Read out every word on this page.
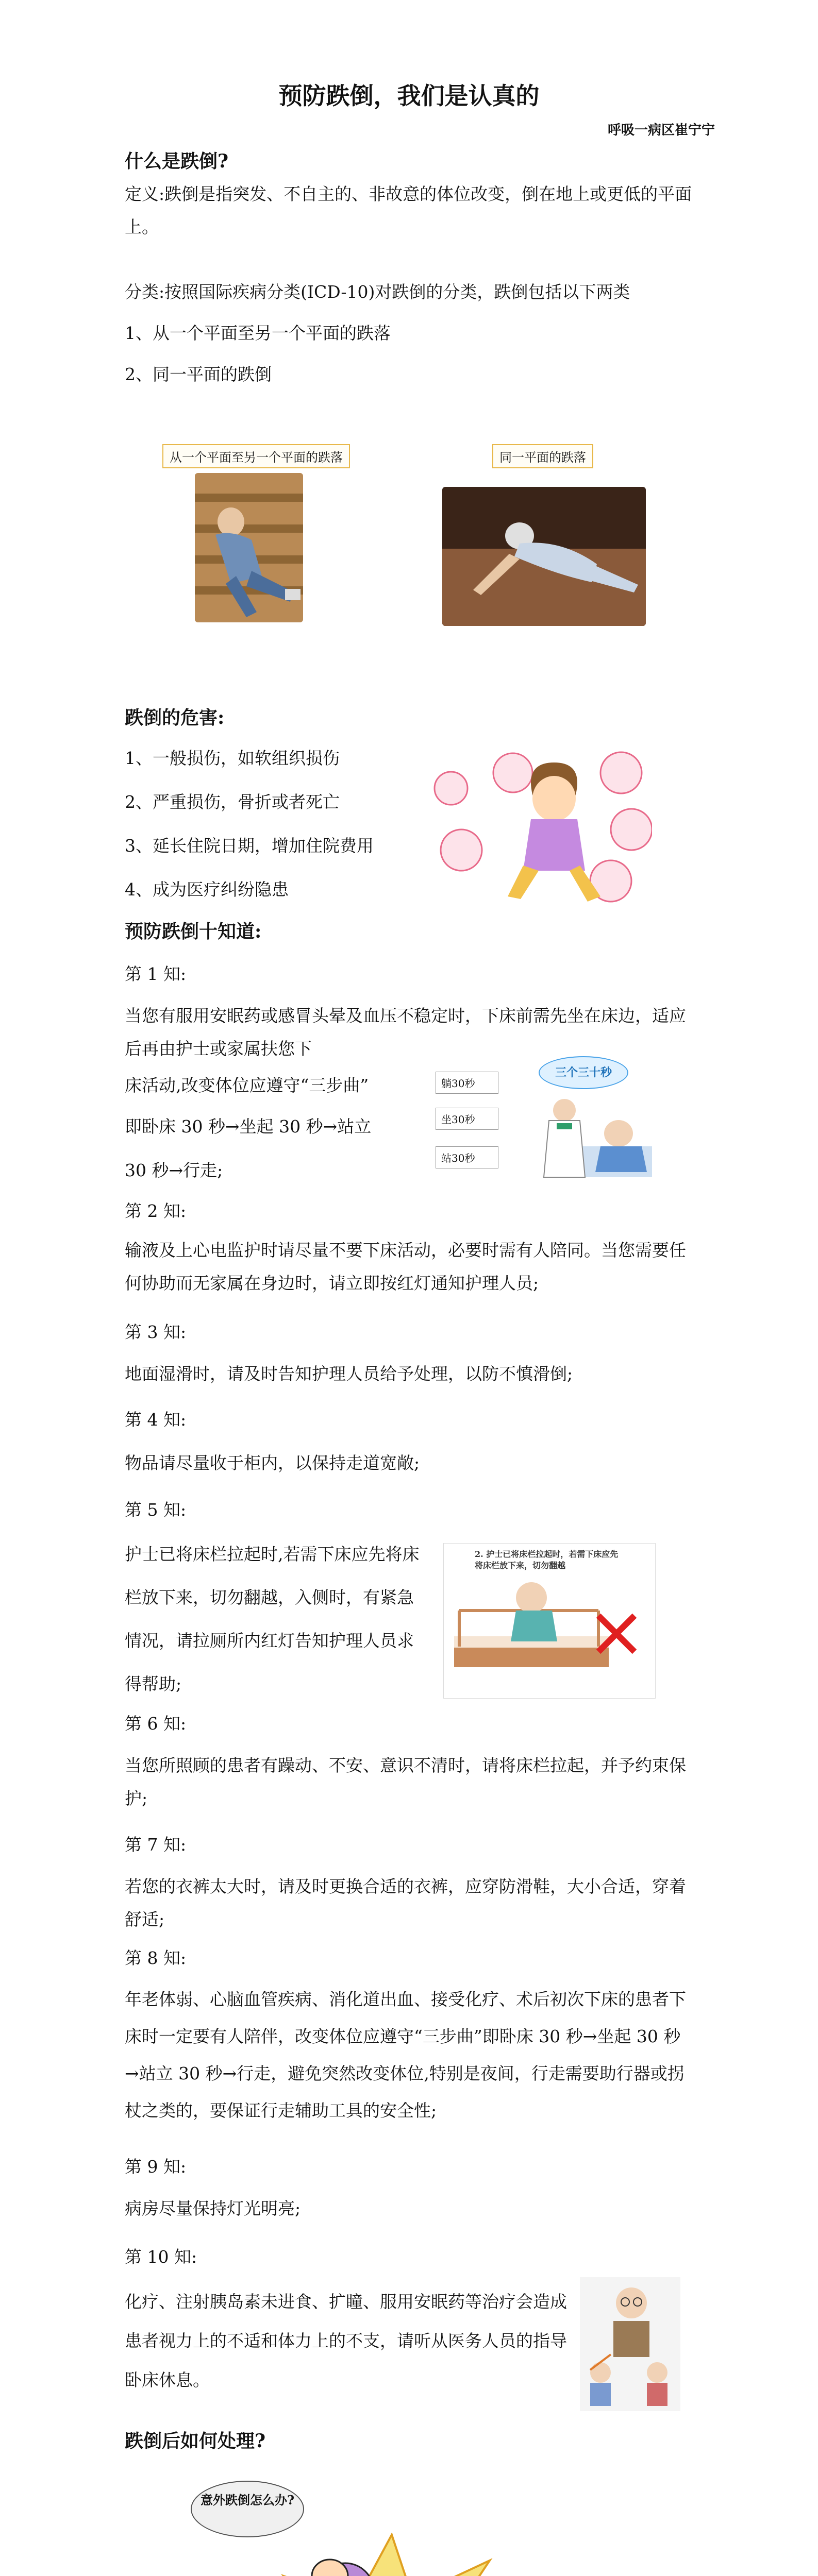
预防跌倒，我们是认真的
呼吸一病区崔宁宁
什么是跌倒?
定义:跌倒是指突发、不自主的、非故意的体位改变，倒在地上或更低的平面上。
分类:按照国际疾病分类(ICD-10)对跌倒的分类，跌倒包括以下两类
1、从一个平面至另一个平面的跌落
2、同一平面的跌倒
从一个平面至另一个平面的跌落	同一平面的跌落
跌倒的危害:
1、一般损伤，如软组织损伤
2、严重损伤，骨折或者死亡
3、延长住院日期，增加住院费用
4、成为医疗纠纷隐患
预防跌倒十知道:
第 1 知:
当您有服用安眠药或感冒头晕及血压不稳定时，下床前需先坐在床边，适应后再由护士或家属扶您下
床活动,改变体位应遵守“三步曲”
即卧床 30 秒→坐起 30 秒→站立
30 秒→行走;
三个三十秒
躺30秒
坐30秒
站30秒
第 2 知:
输液及上心电监护时请尽量不要下床活动，必要时需有人陪同。当您需要任何协助而无家属在身边时，请立即按红灯通知护理人员;
第 3 知:
地面湿滑时，请及时告知护理人员给予处理，以防不慎滑倒;
第 4 知:
物品请尽量收于柜内，以保持走道宽敞;
第 5 知:
护士已将床栏拉起时,若需下床应先将床栏放下来，切勿翻越，入侧时，有紧急情况，请拉厕所内红灯告知护理人员求得帮助;
2. 护士已将床栏拉起时，若需下床应先将床栏放下来，切勿翻越
第 6 知:
当您所照顾的患者有躁动、不安、意识不清时，请将床栏拉起，并予约束保护;
第 7 知:
若您的衣裤太大时，请及时更换合适的衣裤，应穿防滑鞋，大小合适，穿着舒适;
第 8 知:
年老体弱、心脑血管疾病、消化道出血、接受化疗、术后初次下床的患者下床时一定要有人陪伴，改变体位应遵守“三步曲”即卧床 30 秒→坐起 30 秒→站立 30 秒→行走，避免突然改变体位,特别是夜间，行走需要助行器或拐杖之类的，要保证行走辅助工具的安全性;
第 9 知:
病房尽量保持灯光明亮;
第 10 知:
化疗、注射胰岛素未进食、扩瞳、服用安眠药等治疗会造成患者视力上的不适和体力上的不支，请听从医务人员的指导卧床休息。
跌倒后如何处理?
意外跌倒怎么办?
